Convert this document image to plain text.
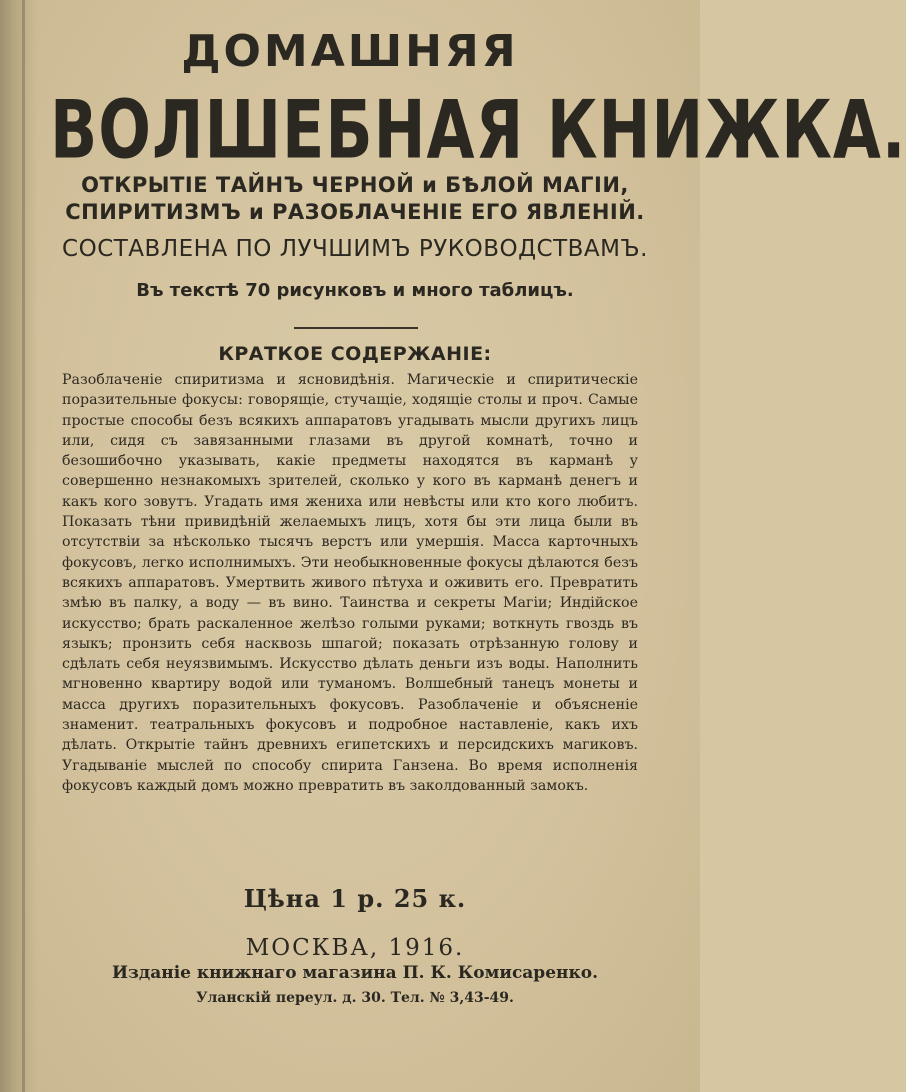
ДОМАШНЯЯ
ВОЛШЕБНАЯ КНИЖКА.
ОТКРЫТІЕ ТАЙНЪ ЧЕРНОЙ и БѢЛОЙ МАГІИ, СПИРИТИЗМЪ и РАЗОБЛАЧЕНІЕ ЕГО ЯВЛЕНІЙ.
СОСТАВЛЕНА ПО ЛУЧШИМЪ РУКОВОДСТВАМЪ.
Въ текстѣ 70 рисунковъ и много таблицъ.
КРАТКОЕ СОДЕРЖАНІЕ:
Разоблаченіе спиритизма и ясновидѣнія. Магическіе и спиритическіе поразительные фокусы: говорящіе, стучащіе, ходящіе столы и проч. Самые простые способы безъ всякихъ аппаратовъ угадывать мысли другихъ лицъ или, сидя съ завязанными глазами въ другой комнатѣ, точно и безошибочно указывать, какіе предметы находятся въ карманѣ у совершенно незнакомыхъ зрителей, сколько у кого въ карманѣ денегъ и какъ кого зовутъ. Угадать имя жениха или невѣсты или кто кого любитъ. Показать тѣни привидѣній желаемыхъ лицъ, хотя бы эти лица были въ отсутствіи за нѣсколько тысячъ верстъ или умершія. Масса карточныхъ фокусовъ, легко исполнимыхъ. Эти необыкновенные фокусы дѣлаются безъ всякихъ аппаратовъ. Умертвить живого пѣтуха и оживить его. Превратить змѣю въ палку, а воду — въ вино. Таинства и секреты Магіи; Индійское искусство; брать раскаленное желѣзо голыми руками; воткнуть гвоздь въ языкъ; пронзить себя насквозь шпагой; показать отрѣзанную голову и сдѣлать себя неуязвимымъ. Искусство дѣлать деньги изъ воды. Наполнить мгновенно квартиру водой или туманомъ. Волшебный танецъ монеты и масса другихъ поразительныхъ фокусовъ. Разоблаченіе и объясненіе знаменит. театральныхъ фокусовъ и подробное наставленіе, какъ ихъ дѣлать. Открытіе тайнъ древнихъ египетскихъ и персидскихъ магиковъ. Угадываніе мыслей по способу спирита Ганзена. Во время исполненія фокусовъ каждый домъ можно превратить въ заколдованный замокъ.
Цѣна 1 р. 25 к.
МОСКВА, 1916.
Изданіе книжнаго магазина П. К. Комисаренко.
Уланскій переул. д. 30. Тел. № 3,43-49.
